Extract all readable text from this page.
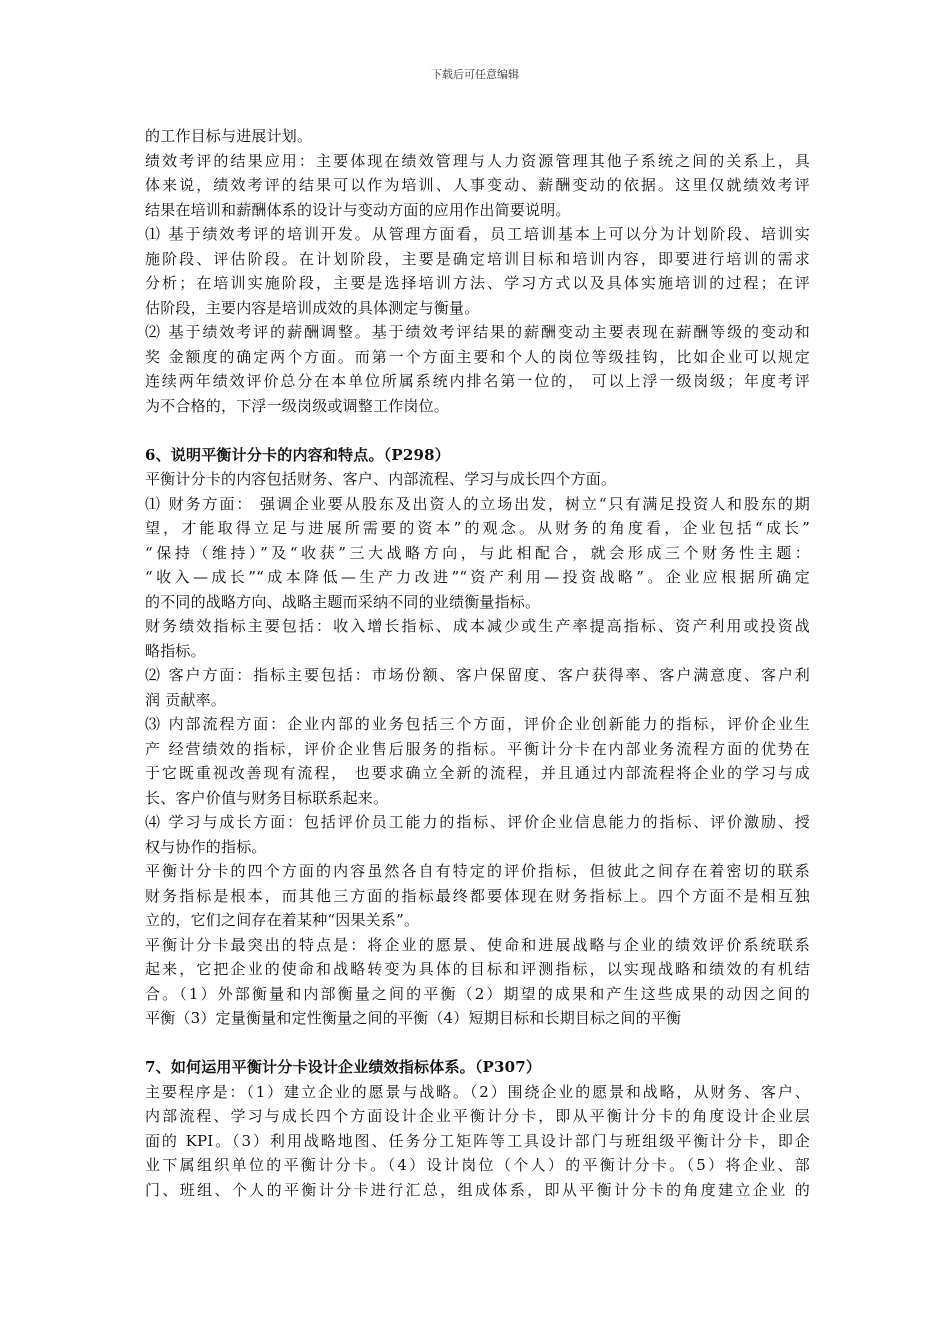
下载后可任意编辑
的工作目标与进展计划。
绩效考评的结果应用：主要体现在绩效管理与人力资源管理其他子系统之间的关系上，具
体来说，绩效考评的结果可以作为培训、人事变动、薪酬变动的依据。这里仅就绩效考评
结果在培训和薪酬体系的设计与变动方面的应用作出简要说明。
⑴ 基于绩效考评的培训开发。从管理方面看，员工培训基本上可以分为计划阶段、培训实
施阶段、评估阶段。在计划阶段，主要是确定培训目标和培训内容，即要进行培训的需求
分析；在培训实施阶段，主要是选择培训方法、学习方式以及具体实施培训的过程；在评
估阶段，主要内容是培训成效的具体测定与衡量。
⑵ 基于绩效考评的薪酬调整。基于绩效考评结果的薪酬变动主要表现在薪酬等级的变动和
奖 金额度的确定两个方面。而第一个方面主要和个人的岗位等级挂钩，比如企业可以规定
连续两年绩效评价总分在本单位所属系统内排名第一位的， 可以上浮一级岗级；年度考评
为不合格的，下浮一级岗级或调整工作岗位。
6、说明平衡计分卡的内容和特点。（P298）
平衡计分卡的内容包括财务、客户、内部流程、学习与成长四个方面。
⑴ 财务方面： 强调企业要从股东及出资人的立场出发，树立“只有满足投资人和股东的期
望，才能取得立足与进展所需要的资本”的观念。从财务的角度看，企业包括“成长”
“保持（维持）”及“收获”三大战略方向，与此相配合，就会形成三个财务性主题：
“收入—成长”“成本降低—生产力改进”“资产利用—投资战略”。企业应根据所确定
的不同的战略方向、战略主题而采纳不同的业绩衡量指标。
财务绩效指标主要包括：收入增长指标、成本减少或生产率提高指标、资产利用或投资战
略指标。
⑵ 客户方面：指标主要包括：市场份额、客户保留度、客户获得率、客户满意度、客户利
润 贡献率。
⑶ 内部流程方面：企业内部的业务包括三个方面，评价企业创新能力的指标，评价企业生
产 经营绩效的指标，评价企业售后服务的指标。平衡计分卡在内部业务流程方面的优势在
于它既重视改善现有流程， 也要求确立全新的流程，并且通过内部流程将企业的学习与成
长、客户价值与财务目标联系起来。
⑷ 学习与成长方面：包括评价员工能力的指标、评价企业信息能力的指标、评价激励、授
权与协作的指标。
平衡计分卡的四个方面的内容虽然各自有特定的评价指标，但彼此之间存在着密切的联系
财务指标是根本，而其他三方面的指标最终都要体现在财务指标上。四个方面不是相互独
立的，它们之间存在着某种“因果关系”。
平衡计分卡最突出的特点是：将企业的愿景、使命和进展战略与企业的绩效评价系统联系
起来，它把企业的使命和战略转变为具体的目标和评测指标，以实现战略和绩效的有机结
合。（1）外部衡量和内部衡量之间的平衡（2）期望的成果和产生这些成果的动因之间的
平衡（3）定量衡量和定性衡量之间的平衡（4）短期目标和长期目标之间的平衡
7、如何运用平衡计分卡设计企业绩效指标体系。（P307）
主要程序是：（1）建立企业的愿景与战略。（2）围绕企业的愿景和战略，从财务、客户、
内部流程、学习与成长四个方面设计企业平衡计分卡，即从平衡计分卡的角度设计企业层
面的 KPI。（3）利用战略地图、任务分工矩阵等工具设计部门与班组级平衡计分卡，即企
业下属组织单位的平衡计分卡。（4）设计岗位（个人）的平衡计分卡。（5）将企业、部
门、班组、个人的平衡计分卡进行汇总，组成体系，即从平衡计分卡的角度建立企业 的
